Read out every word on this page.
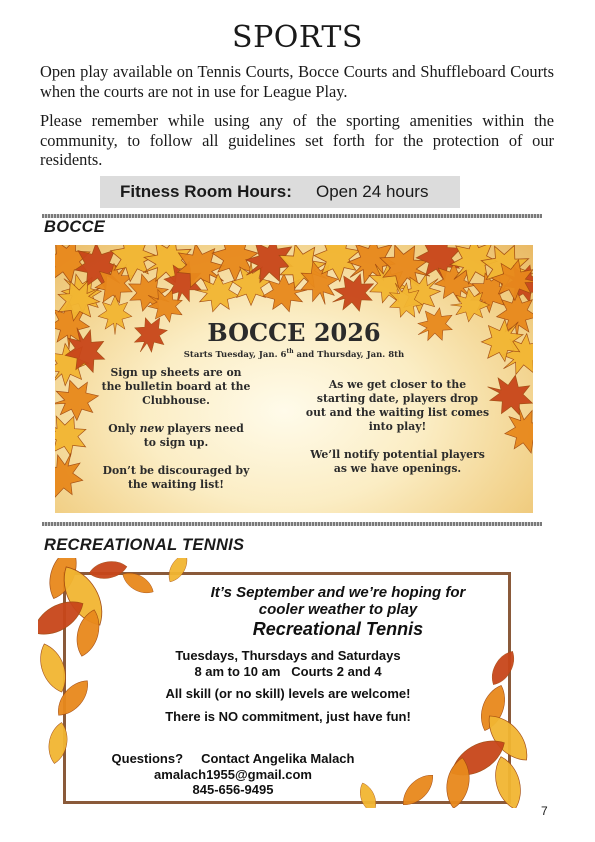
SPORTS
Open play available on Tennis Courts, Bocce Courts and Shuffleboard Courts when the courts are not in use for League Play.
Please remember while using any of the sporting amenities within the community, to follow all guidelines set forth for the protection of our residents.
Fitness Room Hours: Open 24 hours
BOCCE
BOCCE 2026
Starts Tuesday, Jan. 6th and Thursday, Jan. 8th

Sign up sheets are on the bulletin board at the Clubhouse.

Only new players need to sign up.

Don’t be discouraged by the waiting list!

As we get closer to the starting date, players drop out and the waiting list comes into play!

We’ll notify potential players as we have openings.

RECREATIONAL TENNIS
It’s September and we’re hoping for
cooler weather to play
Recreational Tennis
Tuesdays, Thursdays and Saturdays
8 am to 10 am   Courts 2 and 4
All skill (or no skill) levels are welcome!
There is NO commitment, just have fun!
Questions?     Contact Angelika Malach
amalach1955@gmail.com
845-656-9495
7
